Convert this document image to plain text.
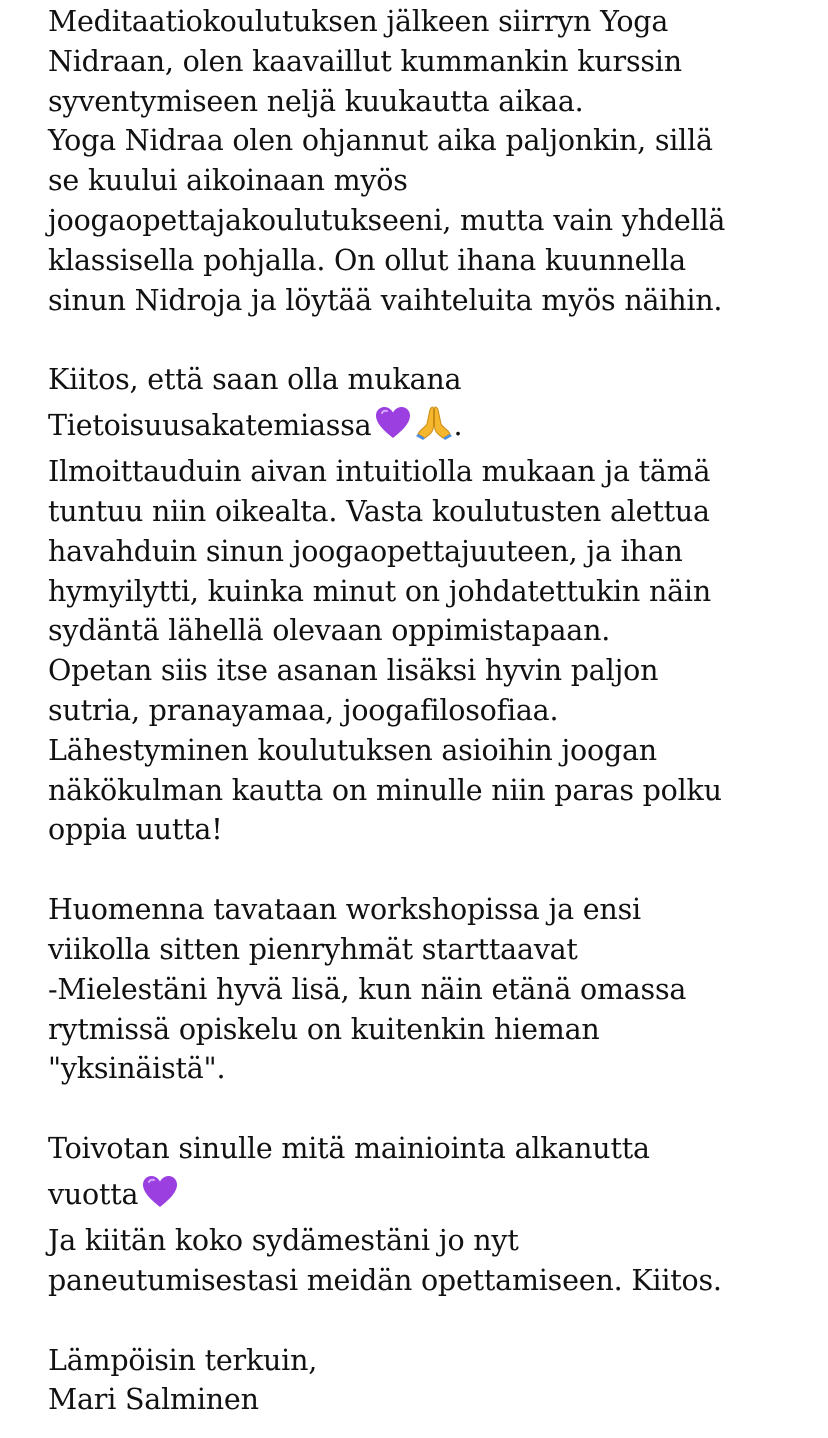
Meditaatiokoulutuksen jälkeen siirryn Yoga
Nidraan, olen kaavaillut kummankin kurssin
syventymiseen neljä kuukautta aikaa.
Yoga Nidraa olen ohjannut aika paljonkin, sillä
se kuului aikoinaan myös
joogaopettajakoulutukseeni, mutta vain yhdellä
klassisella pohjalla. On ollut ihana kuunnella
sinun Nidroja ja löytää vaihteluita myös näihin.
Kiitos, että saan olla mukana
Tietoisuusakatemiassa	.
Ilmoittauduin aivan intuitiolla mukaan ja tämä
tuntuu niin oikealta. Vasta koulutusten alettua
havahduin sinun joogaopettajuuteen, ja ihan
hymyilytti, kuinka minut on johdatettukin näin
sydäntä lähellä olevaan oppimistapaan.
Opetan siis itse asanan lisäksi hyvin paljon
sutria, pranayamaa, joogafilosofiaa.
Lähestyminen koulutuksen asioihin joogan
näkökulman kautta on minulle niin paras polku
oppia uutta!
Huomenna tavataan workshopissa ja ensi
viikolla sitten pienryhmät starttaavat
-Mielestäni hyvä lisä, kun näin etänä omassa
rytmissä opiskelu on kuitenkin hieman
"yksinäistä".
Toivotan sinulle mitä mainiointa alkanutta
vuotta
Ja kiitän koko sydämestäni jo nyt
paneutumisestasi meidän opettamiseen. Kiitos.
Lämpöisin terkuin,
Mari Salminen
